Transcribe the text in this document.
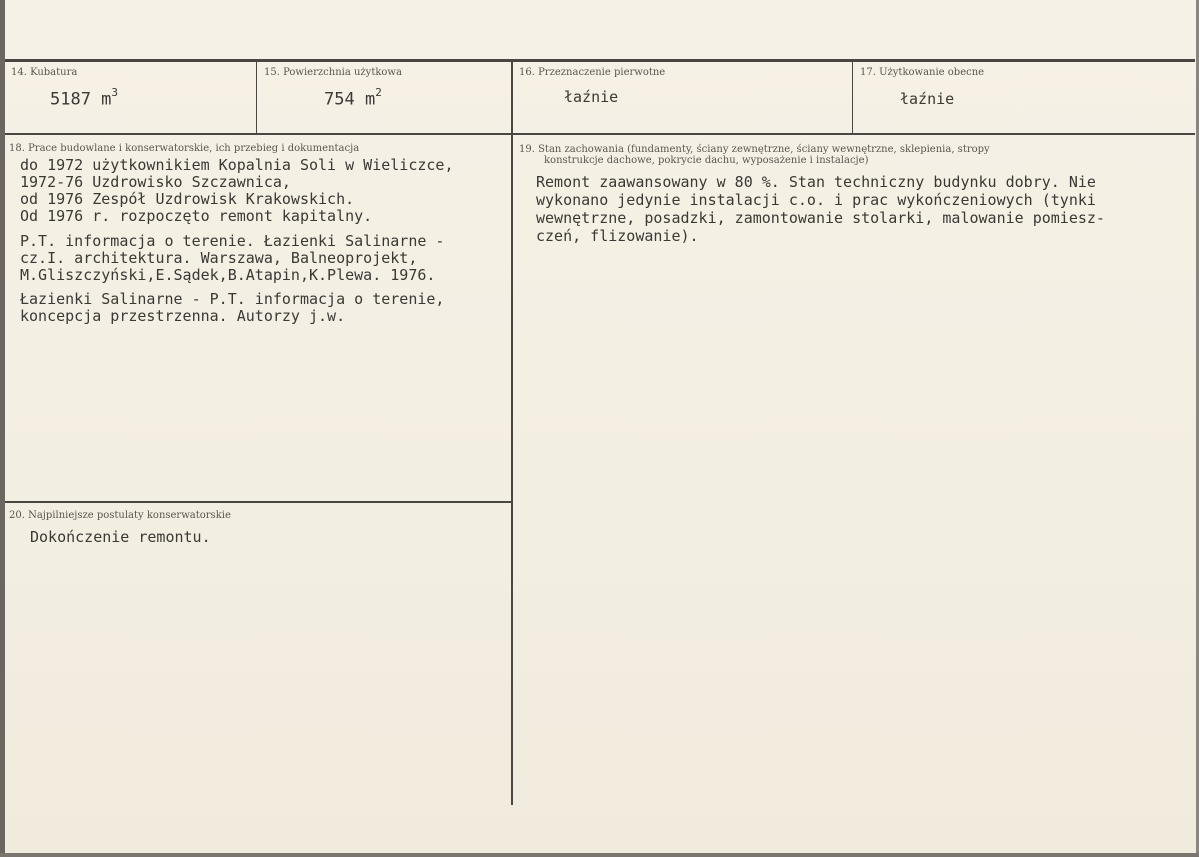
14. Kubatura
5187 $m^3$
15. Powierzchnia użytkowa
754 $m^2$
16. Przeznaczenie pierwotne
łaźnie
17. Użytkowanie obecne
łaźnie
18. Prace budowlane i konserwatorskie, ich przebieg i dokumentacja
do 1972 użytkownikiem Kopalnia Soli w Wieliczce,
1972-76 Uzdrowisko Szczawnica,
od 1976 Zespół Uzdrowisk Krakowskich.
Od 1976 r. rozpoczęto remont kapitalny.
P.T. informacja o terenie. Łazienki Salinarne -
cz.I. architektura. Warszawa, Balneoprojekt,
M.Gliszczyński,E.Sądek,B.Atapin,K.Plewa. 1976.
Łazienki Salinarne - P.T. informacja o terenie,
koncepcja przestrzenna. Autorzy j.w.
19. Stan zachowania (fundamenty, ściany zewnętrzne, ściany wewnętrzne, sklepienia, stropy
konstrukcje dachowe, pokrycie dachu, wyposażenie i instalacje)
Remont zaawansowany w 80 %. Stan techniczny budynku dobry. Nie
wykonano jedynie instalacji c.o. i prac wykończeniowych (tynki
wewnętrzne, posadzki, zamontowanie stolarki, malowanie pomiesz-
czeń, flizowanie).
20. Najpilniejsze postulaty konserwatorskie
Dokończenie remontu.
